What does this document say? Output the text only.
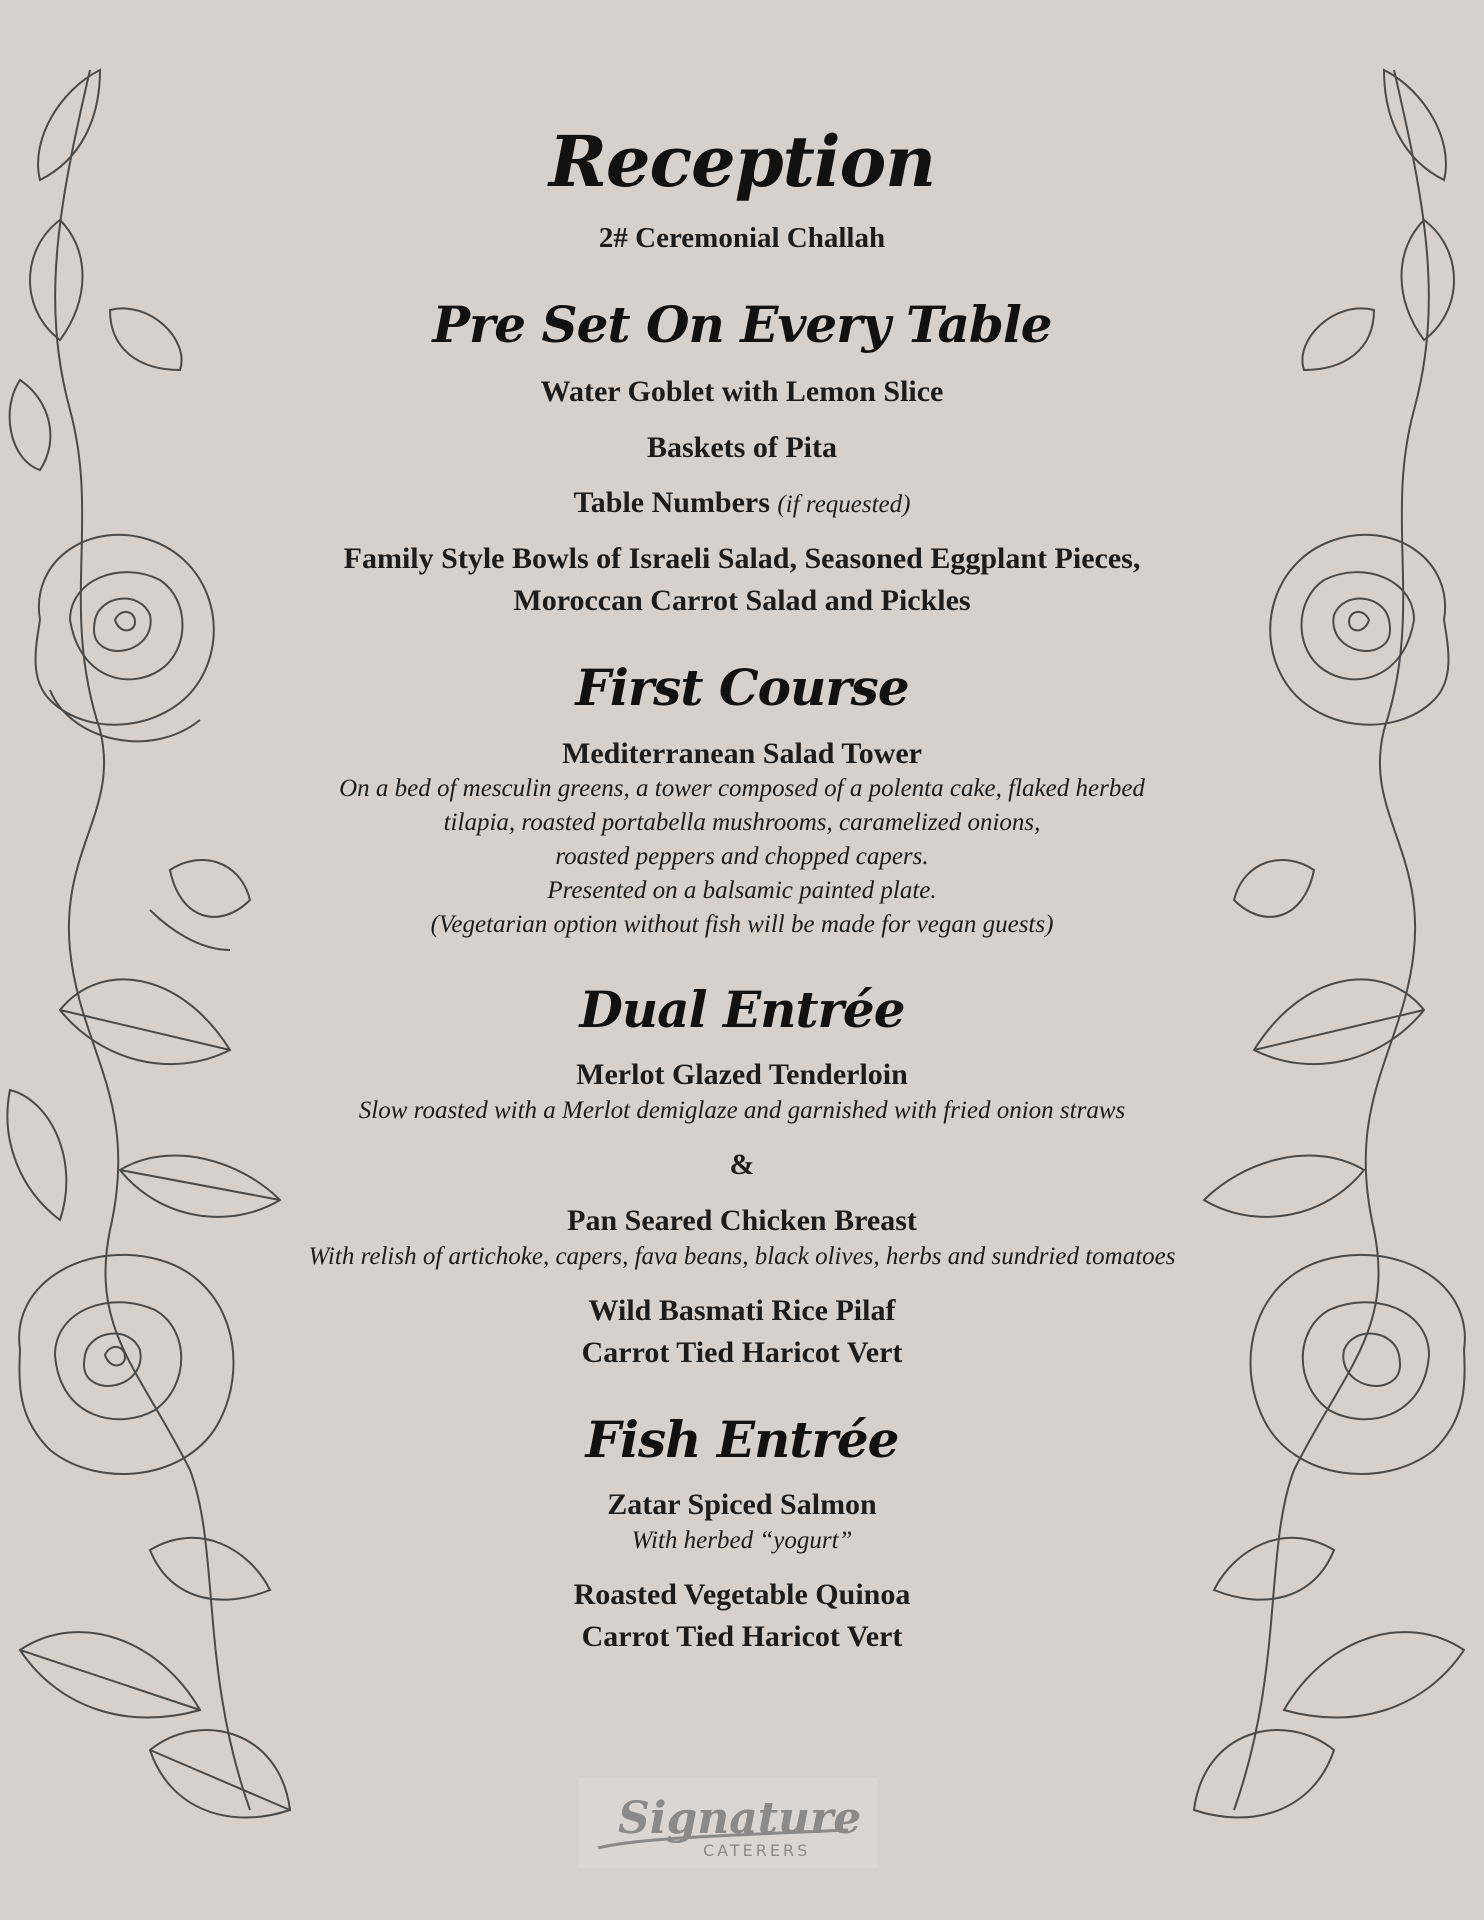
Reception

2# Ceremonial Challah

Pre Set On Every Table

Water Goblet with Lemon Slice

Baskets of Pita

Table Numbers (if requested)

Family Style Bowls of Israeli Salad, Seasoned Eggplant Pieces,

Moroccan Carrot Salad and Pickles

First Course

Mediterranean Salad Tower

On a bed of mesculin greens, a tower composed of a polenta cake, flaked herbed

tilapia, roasted portabella mushrooms, caramelized onions,

roasted peppers and chopped capers.

Presented on a balsamic painted plate.

(Vegetarian option without fish will be made for vegan guests)

Dual Entrée

Merlot Glazed Tenderloin

Slow roasted with a Merlot demiglaze and garnished with fried onion straws

&

Pan Seared Chicken Breast

With relish of artichoke, capers, fava beans, black olives, herbs and sundried tomatoes

Wild Basmati Rice Pilaf

Carrot Tied Haricot Vert

Fish Entrée

Zatar Spiced Salmon

With herbed “yogurt”

Roasted Vegetable Quinoa

Carrot Tied Haricot Vert

Signature
CATERERS
